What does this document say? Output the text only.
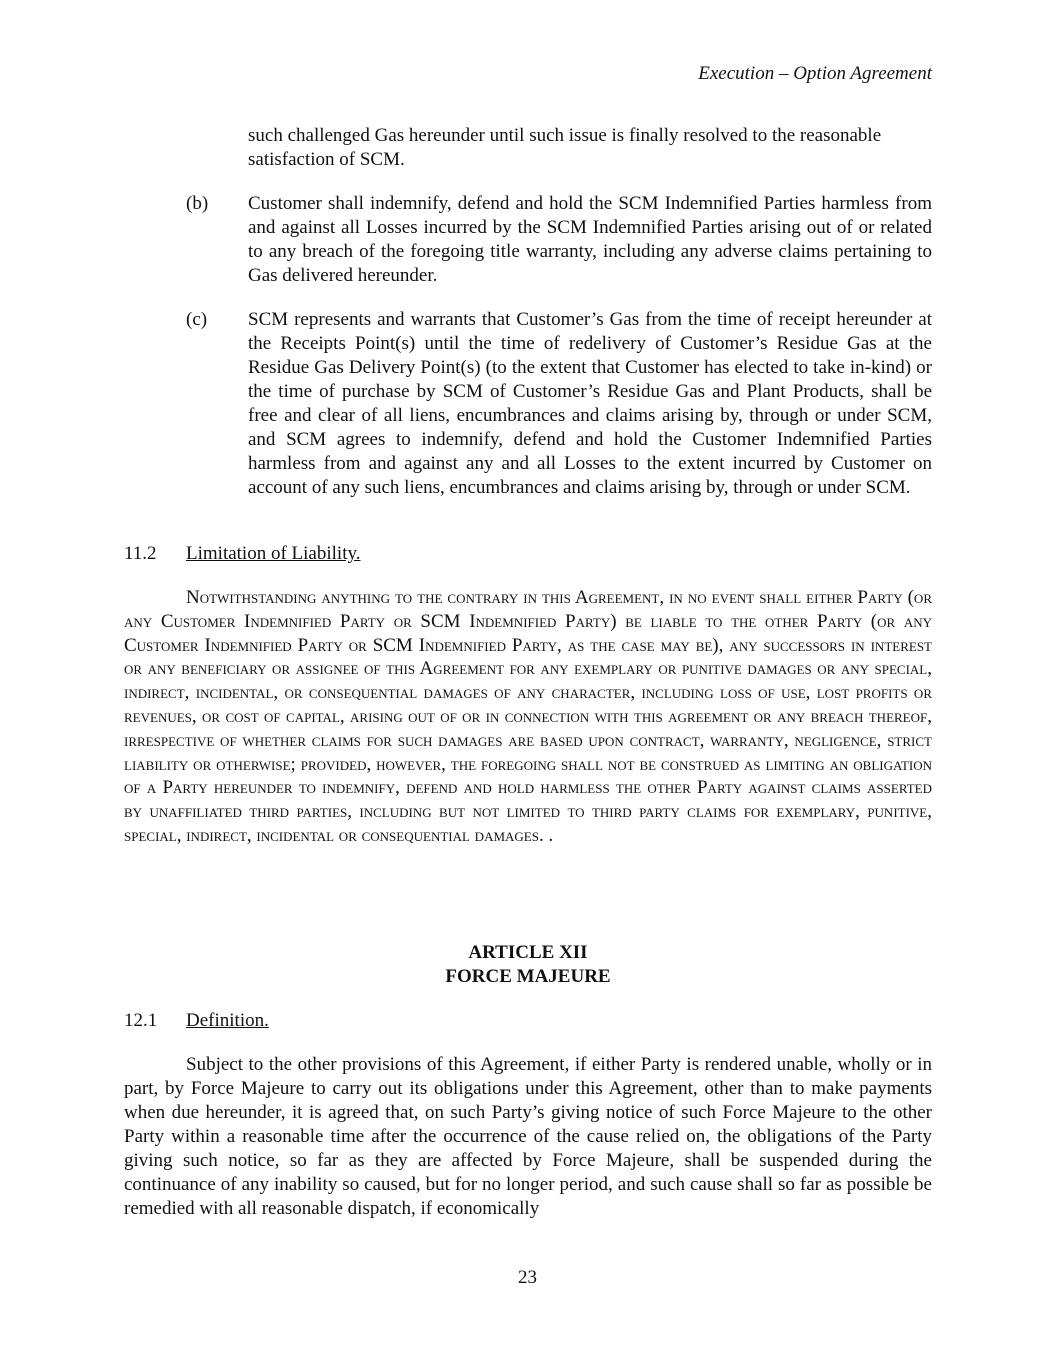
Execution – Option Agreement

such challenged Gas hereunder until such issue is finally resolved to the reasonable satisfaction of SCM.

(b) Customer shall indemnify, defend and hold the SCM Indemnified Parties harmless from and against all Losses incurred by the SCM Indemnified Parties arising out of or related to any breach of the foregoing title warranty, including any adverse claims pertaining to Gas delivered hereunder.

(c) SCM represents and warrants that Customer’s Gas from the time of receipt hereunder at the Receipts Point(s) until the time of redelivery of Customer’s Residue Gas at the Residue Gas Delivery Point(s) (to the extent that Customer has elected to take in-kind) or the time of purchase by SCM of Customer’s Residue Gas and Plant Products, shall be free and clear of all liens, encumbrances and claims arising by, through or under SCM, and SCM agrees to indemnify, defend and hold the Customer Indemnified Parties harmless from and against any and all Losses to the extent incurred by Customer on account of any such liens, encumbrances and claims arising by, through or under SCM.

11.2 Limitation of Liability.

Notwithstanding anything to the contrary in this Agreement, in no event shall either Party (or any Customer Indemnified Party or SCM Indemnified Party) be liable to the other Party (or any Customer Indemnified Party or SCM Indemnified Party, as the case may be), any successors in interest or any beneficiary or assignee of this Agreement for any exemplary or punitive damages or any special, indirect, incidental, or consequential damages of any character, including loss of use, lost profits or revenues, or cost of capital, arising out of or in connection with this agreement or any breach thereof, irrespective of whether claims for such damages are based upon contract, warranty, negligence, strict liability or otherwise; provided, however, the foregoing shall not be construed as limiting an obligation of a Party hereunder to indemnify, defend and hold harmless the other Party against claims asserted by unaffiliated third parties, including but not limited to third party claims for exemplary, punitive, special, indirect, incidental or consequential damages. .

ARTICLE XII
FORCE MAJEURE
12.1 Definition.

Subject to the other provisions of this Agreement, if either Party is rendered unable, wholly or in part, by Force Majeure to carry out its obligations under this Agreement, other than to make payments when due hereunder, it is agreed that, on such Party’s giving notice of such Force Majeure to the other Party within a reasonable time after the occurrence of the cause relied on, the obligations of the Party giving such notice, so far as they are affected by Force Majeure, shall be suspended during the continuance of any inability so caused, but for no longer period, and such cause shall so far as possible be remedied with all reasonable dispatch, if economically

23
